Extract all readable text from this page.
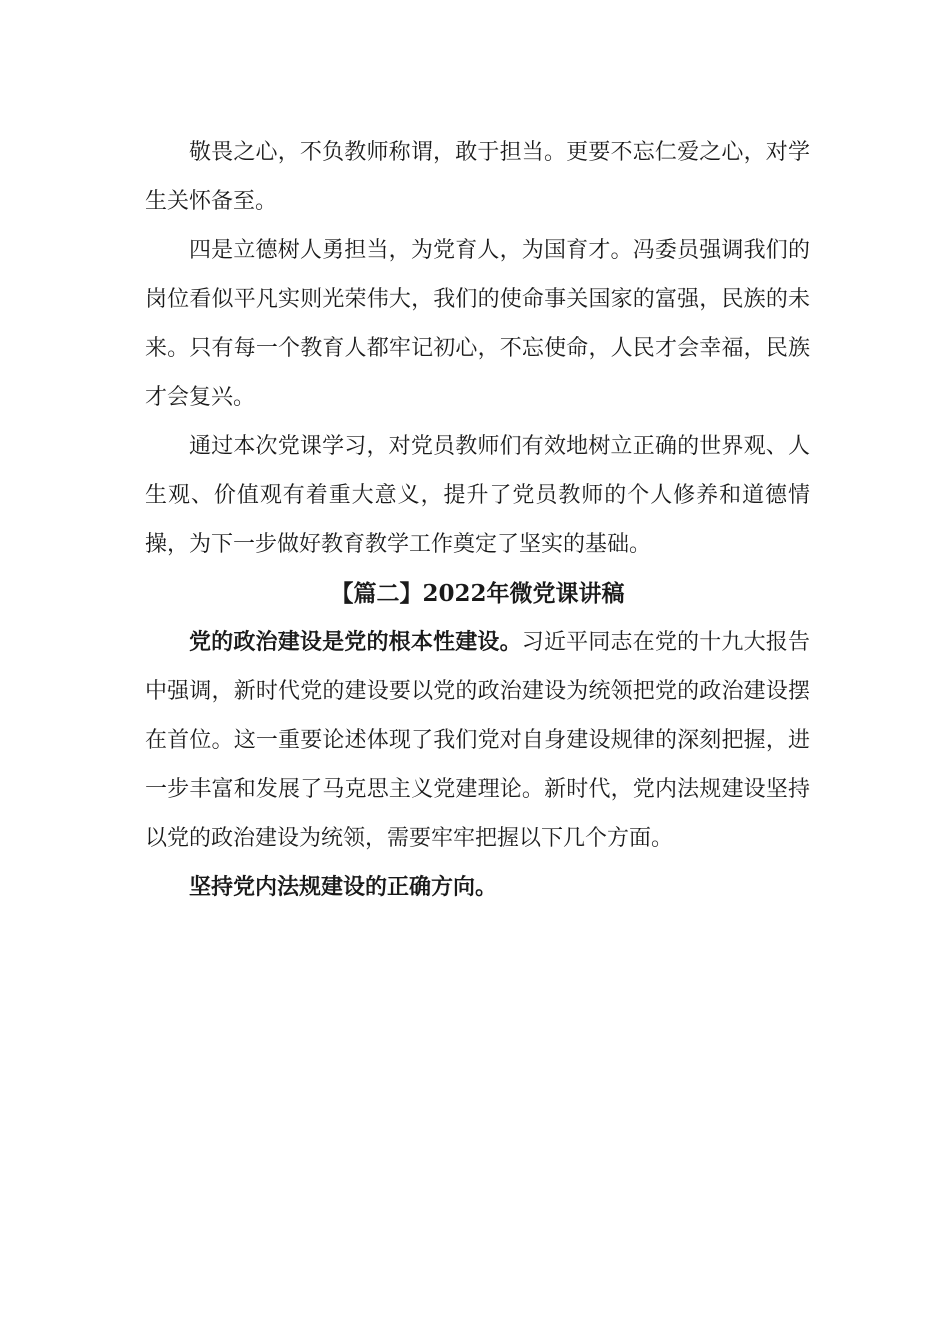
敬畏之心，不负教师称谓，敢于担当。更要不忘仁爱之心，对学生关怀备至。

四是立德树人勇担当，为党育人，为国育才。冯委员强调我们的岗位看似平凡实则光荣伟大，我们的使命事关国家的富强，民族的未来。只有每一个教育人都牢记初心，不忘使命，人民才会幸福，民族才会复兴。

通过本次党课学习，对党员教师们有效地树立正确的世界观、人生观、价值观有着重大意义，提升了党员教师的个人修养和道德情操，为下一步做好教育教学工作奠定了坚实的基础。

【篇二】2022年微党课讲稿

党的政治建设是党的根本性建设。习近平同志在党的十九大报告中强调，新时代党的建设要以党的政治建设为统领把党的政治建设摆在首位。这一重要论述体现了我们党对自身建设规律的深刻把握，进一步丰富和发展了马克思主义党建理论。新时代，党内法规建设坚持以党的政治建设为统领，需要牢牢把握以下几个方面。

坚持党内法规建设的正确方向。
